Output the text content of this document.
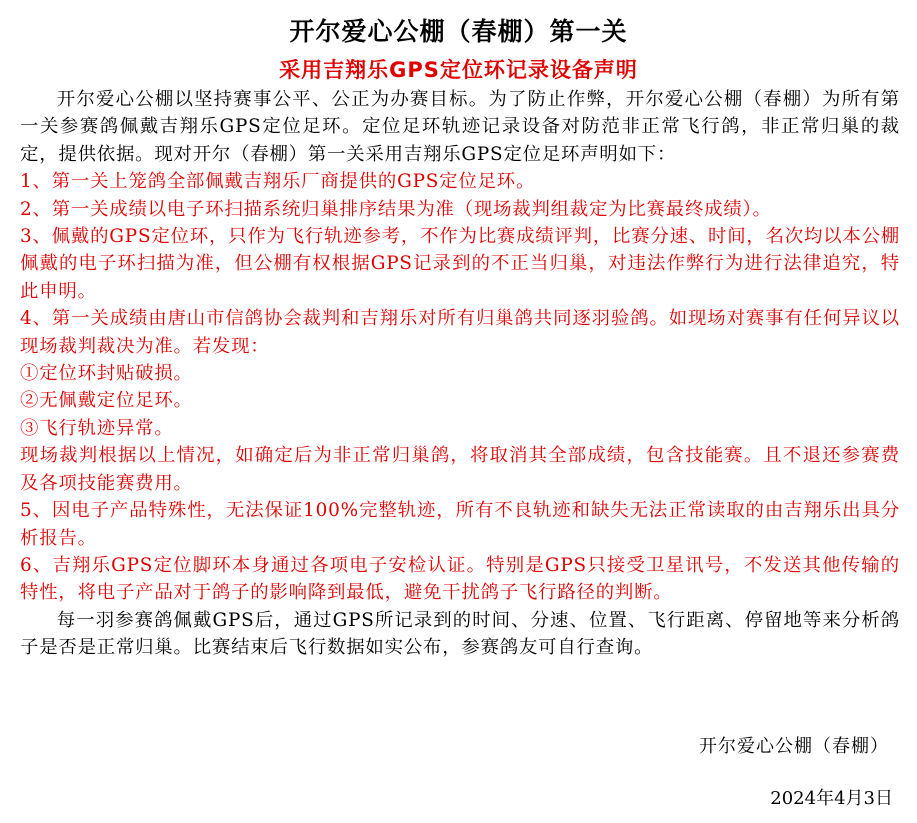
开尔爱心公棚（春棚）第一关
采用吉翔乐GPS定位环记录设备声明

开尔爱心公棚以坚持赛事公平、公正为办赛目标。为了防止作弊，开尔爱心公棚（春棚）为所有第一关参赛鸽佩戴吉翔乐GPS定位足环。定位足环轨迹记录设备对防范非正常飞行鸽，非正常归巢的裁定，提供依据。现对开尔（春棚）第一关采用吉翔乐GPS定位足环声明如下：

1、第一关上笼鸽全部佩戴吉翔乐厂商提供的GPS定位足环。

2、第一关成绩以电子环扫描系统归巢排序结果为准（现场裁判组裁定为比赛最终成绩）。

3、佩戴的GPS定位环，只作为飞行轨迹参考，不作为比赛成绩评判，比赛分速、时间，名次均以本公棚佩戴的电子环扫描为准，但公棚有权根据GPS记录到的不正当归巢，对违法作弊行为进行法律追究，特此申明。

4、第一关成绩由唐山市信鸽协会裁判和吉翔乐对所有归巢鸽共同逐羽验鸽。如现场对赛事有任何异议以现场裁判裁决为准。若发现：

①定位环封贴破损。

②无佩戴定位足环。

③飞行轨迹异常。

现场裁判根据以上情况，如确定后为非正常归巢鸽，将取消其全部成绩，包含技能赛。且不退还参赛费及各项技能赛费用。

5、因电子产品特殊性，无法保证100%完整轨迹，所有不良轨迹和缺失无法正常读取的由吉翔乐出具分析报告。

6、吉翔乐GPS定位脚环本身通过各项电子安检认证。特别是GPS只接受卫星讯号，不发送其他传输的特性，将电子产品对于鸽子的影响降到最低，避免干扰鸽子飞行路径的判断。

每一羽参赛鸽佩戴GPS后，通过GPS所记录到的时间、分速、位置、飞行距离、停留地等来分析鸽子是否是正常归巢。比赛结束后飞行数据如实公布，参赛鸽友可自行查询。

开尔爱心公棚（春棚）
2024年4月3日
